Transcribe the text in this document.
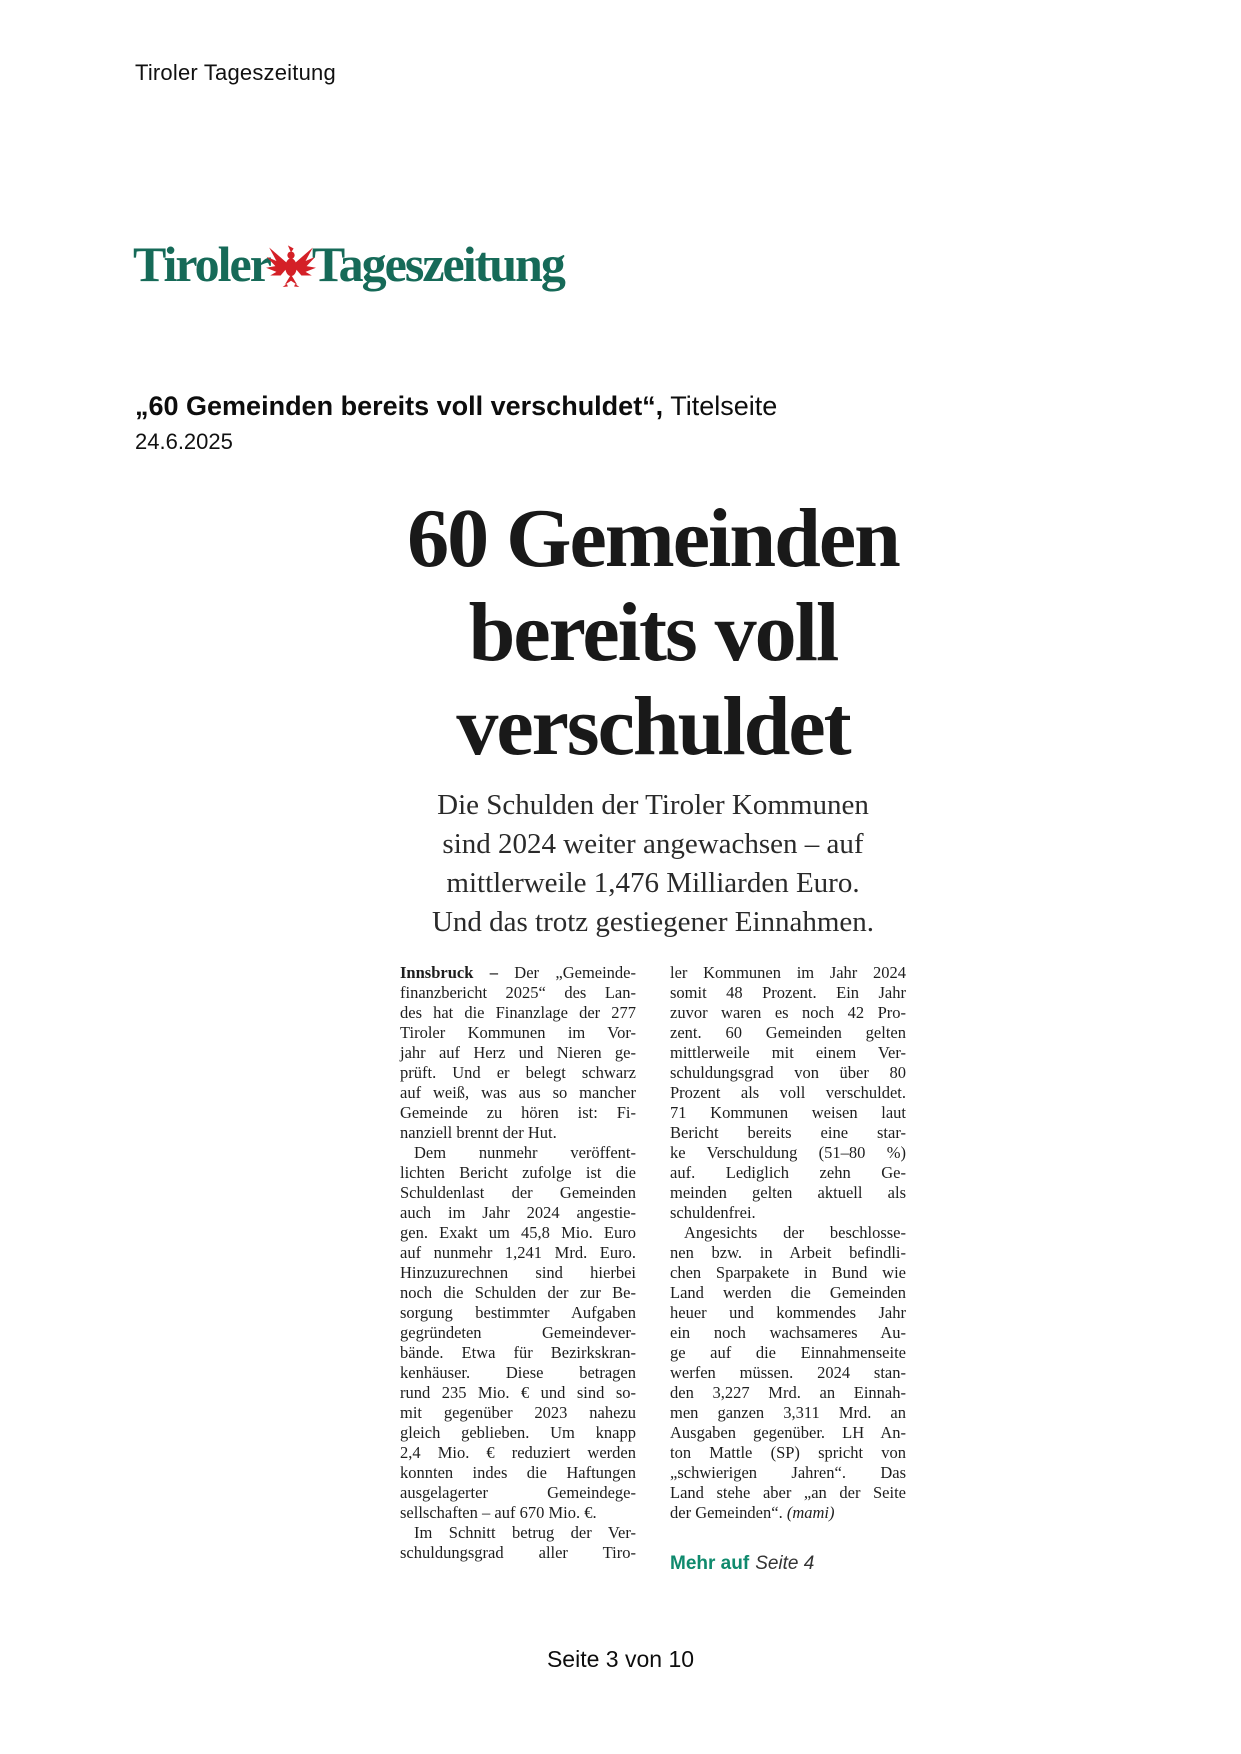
Tiroler Tageszeitung
Tiroler Tageszeitung
„60 Gemeinden bereits voll verschuldet“, Titelseite
24.6.2025
60 Gemeinden
bereits voll
verschuldet
Die Schulden der Tiroler Kommunen
sind 2024 weiter angewachsen – auf
mittlerweile 1,476 Milliarden Euro.
Und das trotz gestiegener Einnahmen.
Innsbruck – Der „Gemeinde-
finanzbericht 2025“ des Lan-
des hat die Finanzlage der 277
Tiroler Kommunen im Vor-
jahr auf Herz und Nieren ge-
prüft. Und er belegt schwarz
auf weiß, was aus so mancher
Gemeinde zu hören ist: Fi-
nanziell brennt der Hut.
Dem nunmehr veröffent-
lichten Bericht zufolge ist die
Schuldenlast der Gemeinden
auch im Jahr 2024 angestie-
gen. Exakt um 45,8 Mio. Euro
auf nunmehr 1,241 Mrd. Euro.
Hinzuzurechnen sind hierbei
noch die Schulden der zur Be-
sorgung bestimmter Aufgaben
gegründeten Gemeindever-
bände. Etwa für Bezirkskran-
kenhäuser. Diese betragen
rund 235 Mio. € und sind so-
mit gegenüber 2023 nahezu
gleich geblieben. Um knapp
2,4 Mio. € reduziert werden
konnten indes die Haftungen
ausgelagerter Gemeindege-
sellschaften – auf 670 Mio. €.
Im Schnitt betrug der Ver-
schuldungsgrad aller Tiro-
ler Kommunen im Jahr 2024
somit 48 Prozent. Ein Jahr
zuvor waren es noch 42 Pro-
zent. 60 Gemeinden gelten
mittlerweile mit einem Ver-
schuldungsgrad von über 80
Prozent als voll verschuldet.
71 Kommunen weisen laut
Bericht bereits eine star-
ke Verschuldung (51–80 %)
auf. Lediglich zehn Ge-
meinden gelten aktuell als
schuldenfrei.
Angesichts der beschlosse-
nen bzw. in Arbeit befindli-
chen Sparpakete in Bund wie
Land werden die Gemeinden
heuer und kommendes Jahr
ein noch wachsameres Au-
ge auf die Einnahmenseite
werfen müssen. 2024 stan-
den 3,227 Mrd. an Einnah-
men ganzen 3,311 Mrd. an
Ausgaben gegenüber. LH An-
ton Mattle (SP) spricht von
„schwierigen Jahren“. Das
Land stehe aber „an der Seite
der Gemeinden“. (mami)
Mehr auf Seite 4
Seite 3 von 10
